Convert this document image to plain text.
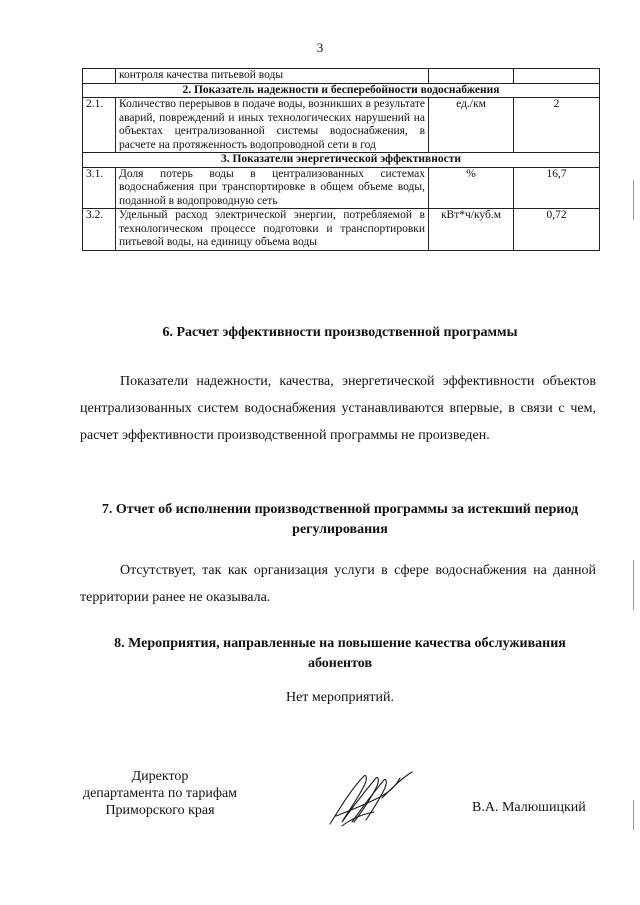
3
	контроля качества питьевой воды		
2. Показатель надежности и бесперебойности водоснабжения			
2.1.	Количество перерывов в подаче воды, возникших в результате аварий, повреждений и иных технологических нарушений на объектах централизованной системы водоснабжения, в расчете на протяженность водопроводной сети в год	ед./км	2
3. Показатели энергетической эффективности			
3.1.	Доля потерь воды в централизованных системах водоснабжения при транспортировке в общем объеме воды, поданной в водопроводную сеть	%	16,7
3.2.	Удельный расход электрической энергии, потребляемой в технологическом процессе подготовки и транспортировки питьевой воды, на единицу объема воды	кВт*ч/куб.м	0,72
6. Расчет эффективности производственной программы
Показатели надежности, качества, энергетической эффективности объектов централизованных систем водоснабжения устанавливаются впервые, в связи с чем, расчет эффективности производственной программы не произведен.
7. Отчет об исполнении производственной программы за истекший период регулирования
Отсутствует, так как организация услуги в сфере водоснабжения на данной территории ранее не оказывала.
8. Мероприятия, направленные на повышение качества обслуживания абонентов
Нет мероприятий.
Директор
департамента по тарифам
Приморского края	В.А. Малюшицкий
